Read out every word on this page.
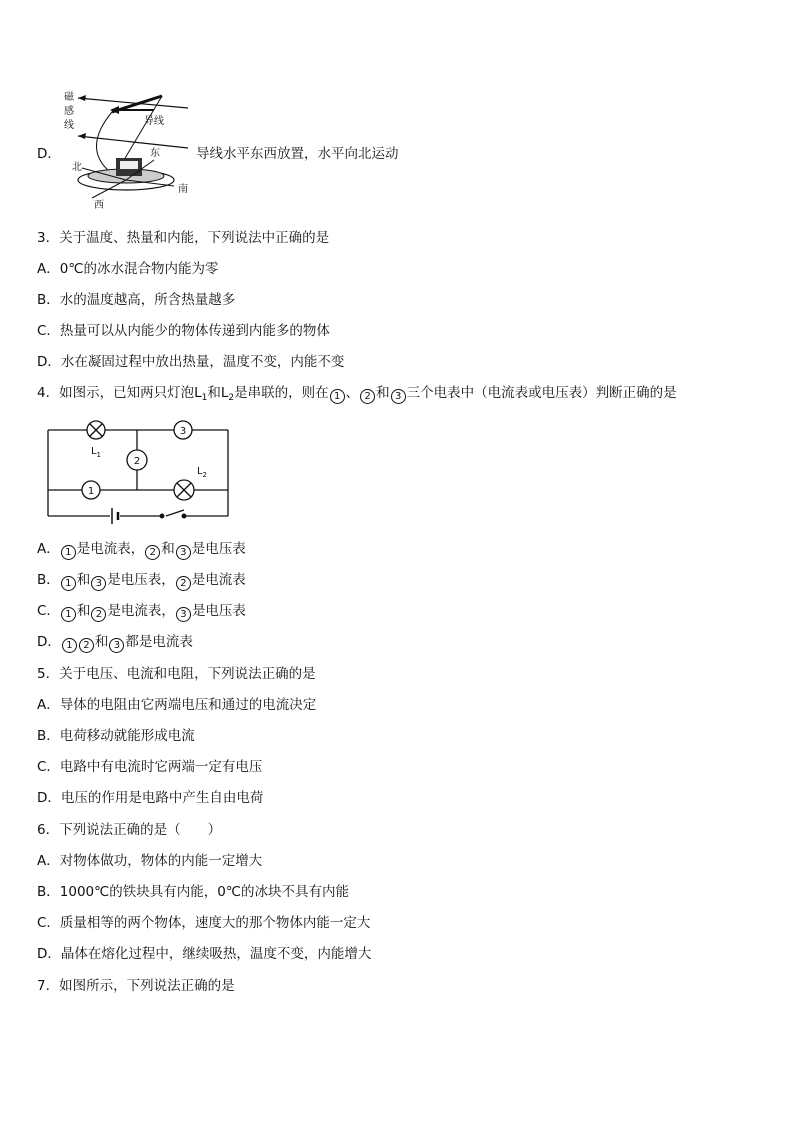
D．
磁
感
线	导线
东
北
西
南
导线水平东西放置，水平向北运动
3．关于温度、热量和内能，下列说法中正确的是
A．0℃的冰水混合物内能为零
B．水的温度越高，所含热量越多
C．热量可以从内能少的物体传递到内能多的物体
D．水在凝固过程中放出热量，温度不变，内能不变
4．如图示，已知两只灯泡$L_1$和$L_2$是串联的，则在 1 、 2 和 3 三个电表中（电流表或电压表）判断正确的是
3
2
1
$L_1$
$L_2$
A． 1 是电流表， 2 和 3 是电压表
B． 1 和 3 是电压表， 2 是电流表
C． 1 和 2 是电流表， 3 是电压表
D． 1 2 和 3 都是电流表
5．关于电压、电流和电阻，下列说法正确的是
A．导体的电阻由它两端电压和通过的电流决定
B．电荷移动就能形成电流
C．电路中有电流时它两端一定有电压
D．电压的作用是电路中产生自由电荷
6．下列说法正确的是（　　）
A．对物体做功，物体的内能一定增大
B．1000℃的铁块具有内能，0℃的冰块不具有内能
C．质量相等的两个物体，速度大的那个物体内能一定大
D．晶体在熔化过程中，继续吸热，温度不变，内能增大
7．如图所示，下列说法正确的是
